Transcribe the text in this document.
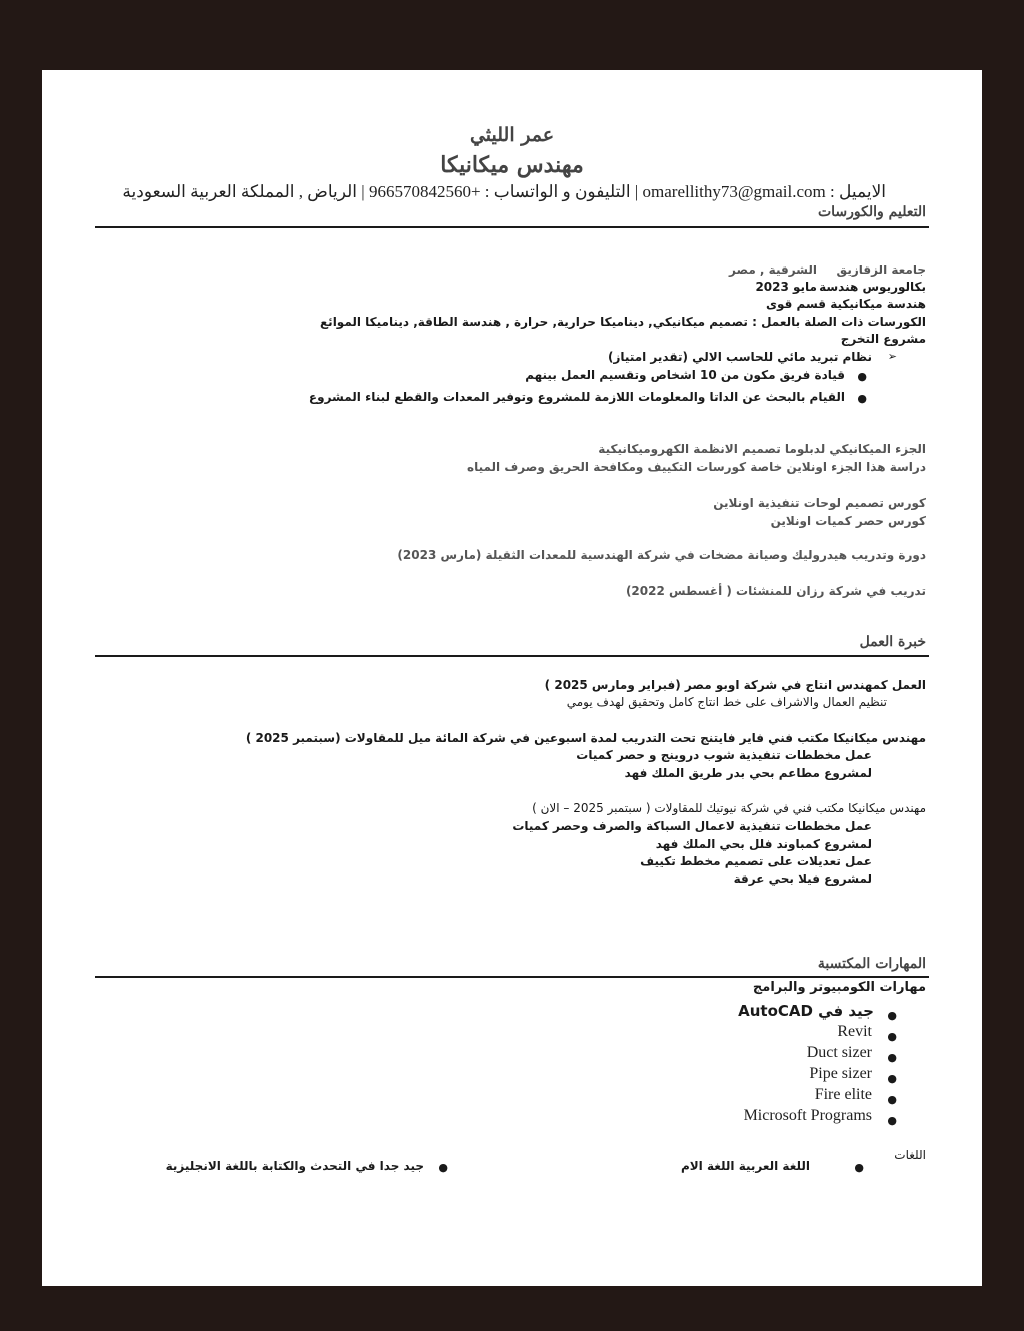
عمر الليثي
مهندس ميكانيكا
الايميل : omarellithy73@gmail.com | التليفون و الواتساب : +966570842560 | الرياض , المملكة العربية السعودية
التعليم والكورسات
جامعة الزقازيق
الشرقية , مصر
بكالوريوس هندسة
مايو 2023
هندسة ميكانيكية قسم قوى
الكورسات ذات الصلة بالعمل : تصميم ميكانيكي, ديناميكا حرارية, حرارة , هندسة الطاقة, ديناميكا الموائع
مشروع التخرج
➢
نظام تبريد مائي للحاسب الالي (تقدير امتياز)
●
قيادة فريق مكون من 10 اشخاص وتقسيم العمل بينهم
●
القيام بالبحث عن الداتا والمعلومات اللازمة للمشروع وتوفير المعدات والقطع لبناء المشروع
الجزء الميكانيكي لدبلوما تصميم الانظمة الكهروميكانيكية
دراسة هذا الجزء اونلاين خاصة كورسات التكييف ومكافحة الحريق وصرف المياه
كورس تصميم لوحات تنفيذية اونلاين
كورس حصر كميات اونلاين
دورة وتدريب هيدروليك وصيانة مضخات في شركة الهندسية للمعدات الثقيلة (مارس 2023)
تدريب في شركة رزان للمنشئات ( أغسطس 2022)
خبرة العمل
العمل كمهندس انتاج في شركة اوبو مصر (فبراير ومارس 2025 )
تنظيم العمال والاشراف على خط انتاج كامل وتحقيق لهدف يومي
مهندس ميكانيكا مكتب فني فاير فايتنج تحت التدريب لمدة اسبوعين في شركة المائة ميل للمقاولات (سبتمبر 2025 )
عمل مخططات تنفيذية شوب دروينج و حصر كميات
لمشروع مطاعم بحي بدر طريق الملك فهد
مهندس ميكانيكا مكتب فني في شركة نيوتيك للمقاولات ( سبتمبر 2025 – الان )
عمل مخططات تنفيذية لاعمال السباكة والصرف وحصر كميات
لمشروع كمباوند فلل بحي الملك فهد
عمل تعديلات على تصميم مخطط تكييف
لمشروع فيلا بحي عرقة
المهارات المكتسبة
مهارات الكومبيوتر والبرامج
●
جيد في AutoCAD
●
Revit
●
Duct sizer
●
Pipe sizer
●
Fire elite
●
Microsoft Programs
اللغات
●
اللغة العربية اللغة الام
●
جيد جدا في التحدث والكتابة باللغة الانجليزية
